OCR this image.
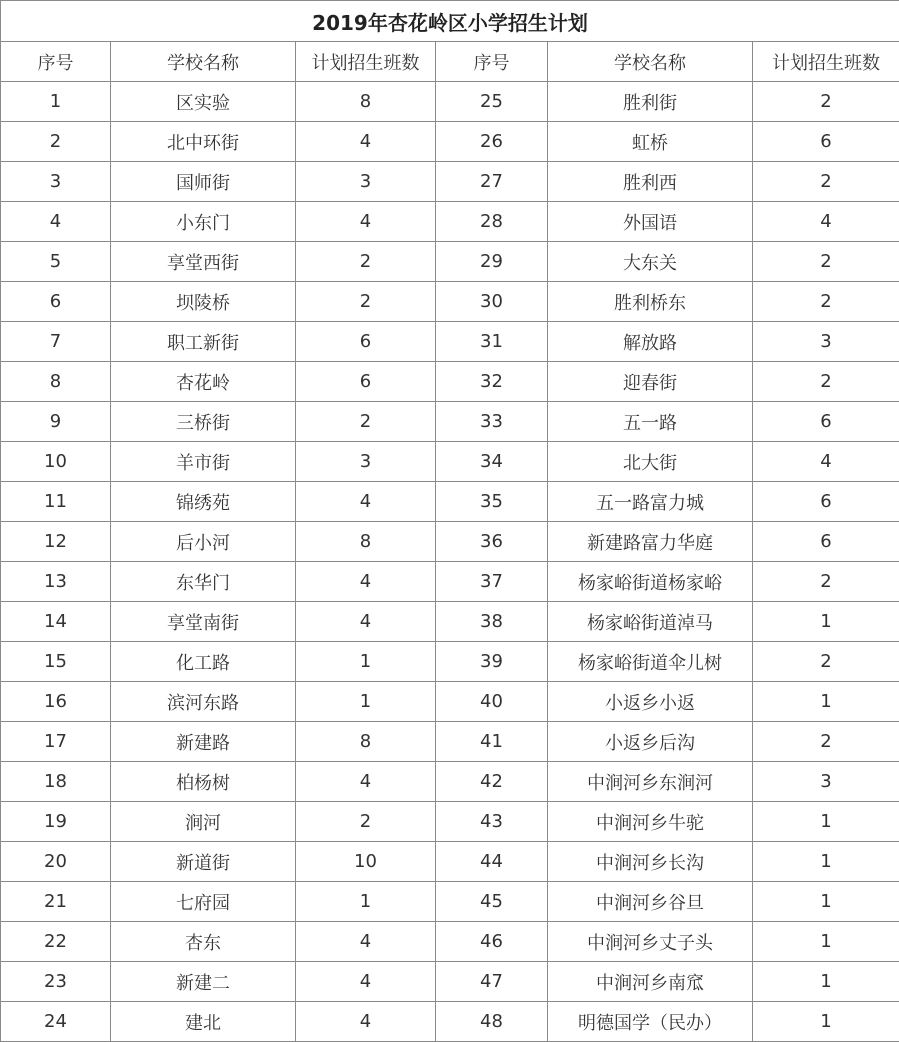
2019年杏花岭区小学招生计划					
序号	学校名称	计划招生班数	序号	学校名称	计划招生班数
1	区实验	8	25	胜利街	2
2	北中环街	4	26	虹桥	6
3	国师街	3	27	胜利西	2
4	小东门	4	28	外国语	4
5	享堂西街	2	29	大东关	2
6	坝陵桥	2	30	胜利桥东	2
7	职工新街	6	31	解放路	3
8	杏花岭	6	32	迎春街	2
9	三桥街	2	33	五一路	6
10	羊市街	3	34	北大街	4
11	锦绣苑	4	35	五一路富力城	6
12	后小河	8	36	新建路富力华庭	6
13	东华门	4	37	杨家峪街道杨家峪	2
14	享堂南街	4	38	杨家峪街道淖马	1
15	化工路	1	39	杨家峪街道伞儿树	2
16	滨河东路	1	40	小返乡小返	1
17	新建路	8	41	小返乡后沟	2
18	柏杨树	4	42	中涧河乡东涧河	3
19	涧河	2	43	中涧河乡牛驼	1
20	新道街	10	44	中涧河乡长沟	1
21	七府园	1	45	中涧河乡谷旦	1
22	杏东	4	46	中涧河乡丈子头	1
23	新建二	4	47	中涧河乡南窊	1
24	建北	4	48	明德国学（民办）	1
